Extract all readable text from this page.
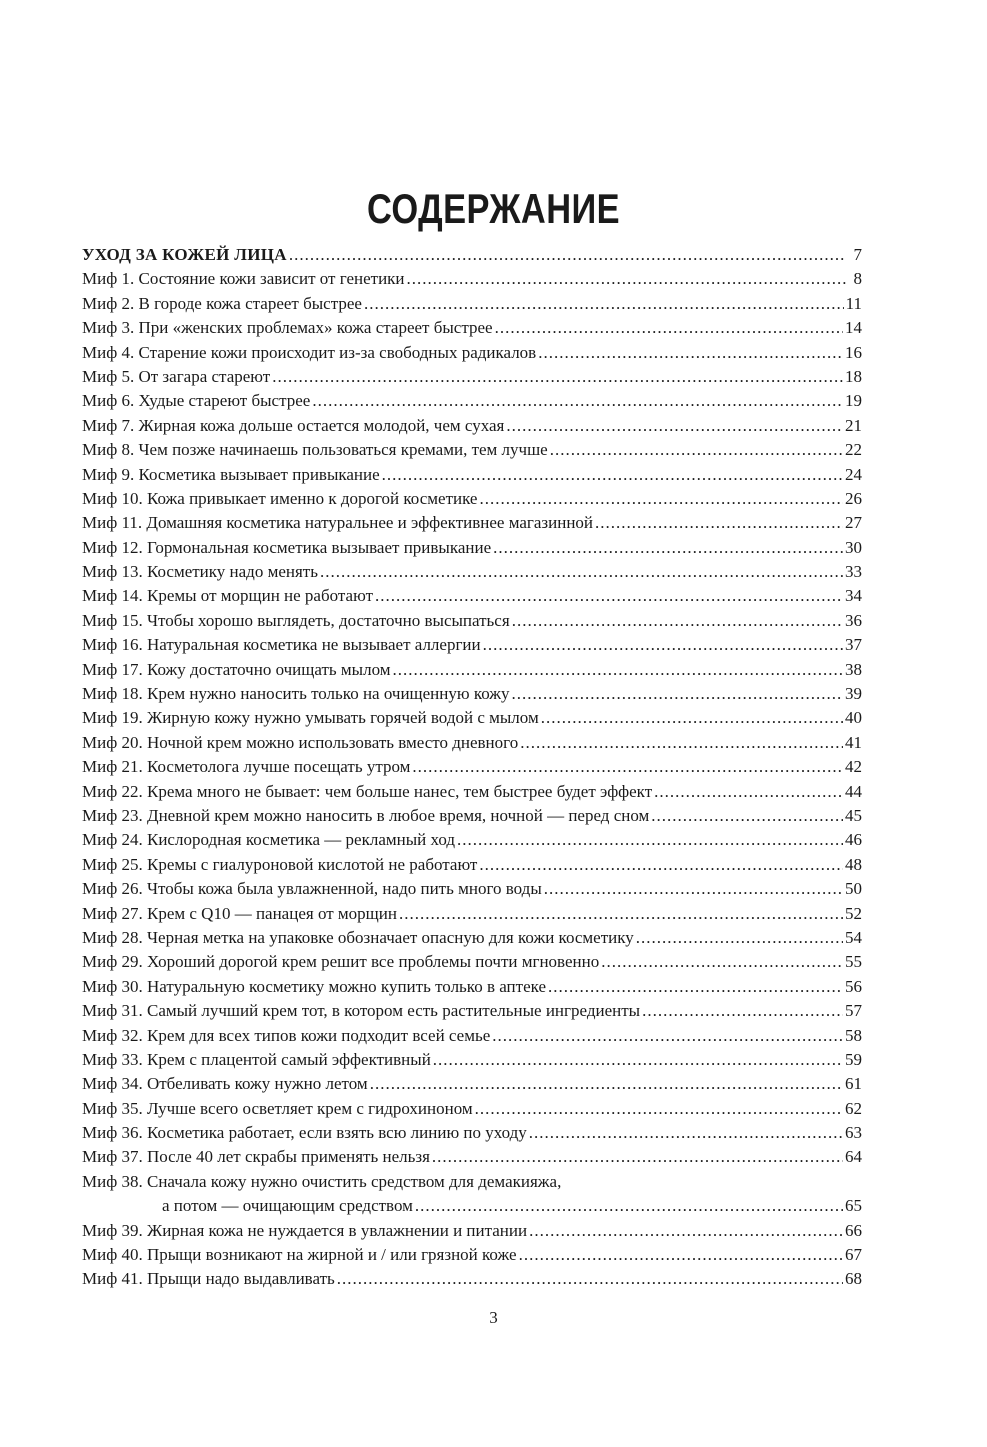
СОДЕРЖАНИЕ
УХОД ЗА КОЖЕЙ ЛИЦА .....	7
Миф 1. Состояние кожи зависит от генетики .....	8
Миф 2. В городе кожа стареет быстрее .....	11
Миф 3. При «женских проблемах» кожа стареет быстрее .....	14
Миф 4. Старение кожи происходит из-за свободных радикалов .....	16
Миф 5. От загара стареют .....	18
Миф 6. Худые стареют быстрее .....	19
Миф 7. Жирная кожа дольше остается молодой, чем сухая .....	21
Миф 8. Чем позже начинаешь пользоваться кремами, тем лучше .....	22
Миф 9. Косметика вызывает привыкание .....	24
Миф 10. Кожа привыкает именно к дорогой косметике .....	26
Миф 11. Домашняя косметика натуральнее и эффективнее магазинной .....	27
Миф 12. Гормональная косметика вызывает привыкание .....	30
Миф 13. Косметику надо менять .....	33
Миф 14. Кремы от морщин не работают .....	34
Миф 15. Чтобы хорошо выглядеть, достаточно высыпаться .....	36
Миф 16. Натуральная косметика не вызывает аллергии .....	37
Миф 17. Кожу достаточно очищать мылом .....	38
Миф 18. Крем нужно наносить только на очищенную кожу .....	39
Миф 19. Жирную кожу нужно умывать горячей водой с мылом .....	40
Миф 20. Ночной крем можно использовать вместо дневного .....	41
Миф 21. Косметолога лучше посещать утром .....	42
Миф 22. Крема много не бывает: чем больше нанес, тем быстрее будет эффект .....	44
Миф 23. Дневной крем можно наносить в любое время, ночной — перед сном .....	45
Миф 24. Кислородная косметика — рекламный ход .....	46
Миф 25. Кремы с гиалуроновой кислотой не работают .....	48
Миф 26. Чтобы кожа была увлажненной, надо пить много воды .....	50
Миф 27. Крем с Q10 — панацея от морщин .....	52
Миф 28. Черная метка на упаковке обозначает опасную для кожи косметику .....	54
Миф 29. Хороший дорогой крем решит все проблемы почти мгновенно .....	55
Миф 30. Натуральную косметику можно купить только в аптеке .....	56
Миф 31. Самый лучший крем тот, в котором есть растительные ингредиенты .....	57
Миф 32. Крем для всех типов кожи подходит всей семье .....	58
Миф 33. Крем с плацентой самый эффективный .....	59
Миф 34. Отбеливать кожу нужно летом .....	61
Миф 35. Лучше всего осветляет крем с гидрохиноном .....	62
Миф 36. Косметика работает, если взять всю линию по уходу .....	63
Миф 37. После 40 лет скрабы применять нельзя .....	64
Миф 38. Сначала кожу нужно очистить средством для демакияжа,
а потом — очищающим средством .....	65
Миф 39. Жирная кожа не нуждается в увлажнении и питании .....	66
Миф 40. Прыщи возникают на жирной и / или грязной коже .....	67
Миф 41. Прыщи надо выдавливать .....	68
3
